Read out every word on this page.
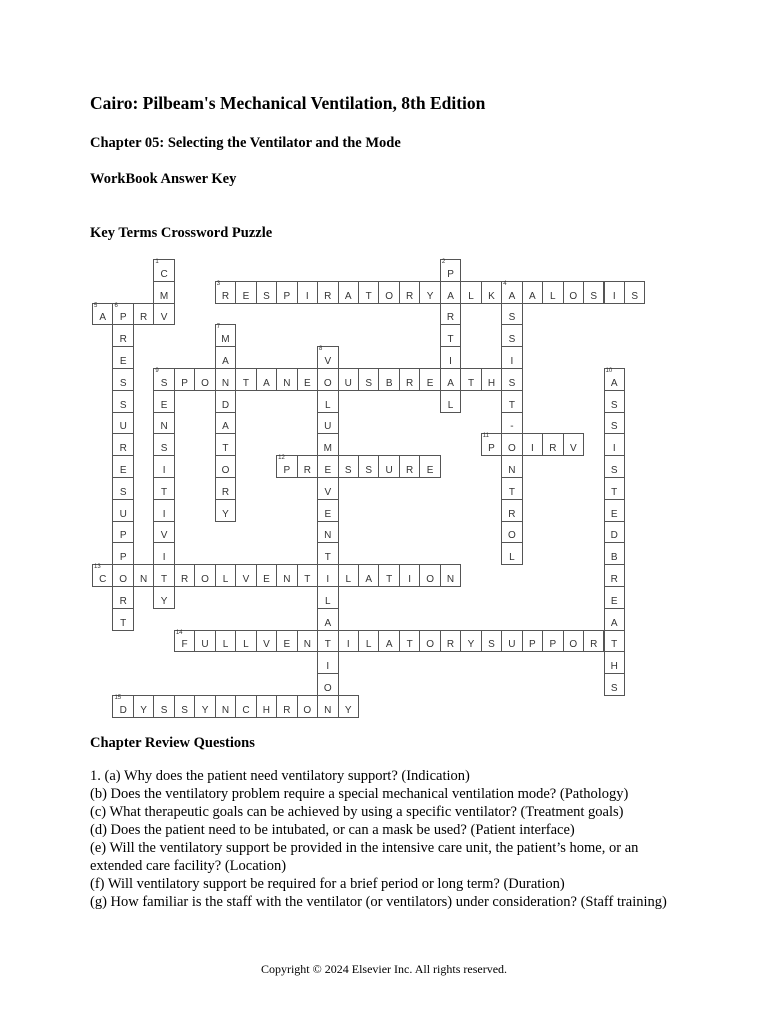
Cairo: Pilbeam's Mechanical Ventilation, 8th Edition
Chapter 05: Selecting the Ventilator and the Mode
WorkBook Answer Key
Key Terms Crossword Puzzle
1
C
M
V
2
P
A
R
T
I
A
L
3
R	E	S	P	I	R	A	T	O	R	Y	L	K
4
A
S
S
I
S
T
-
O
N
T
R
O
L
A	L	O	S	I	S
5
A
6
P	R
R
E
S
S
U
R
E
S
U
P
P
O
R
T
7
M
A
N
D
A
T
O
R
Y
8
V
O
L
U
M
E
V
E
N
T
I
L
A
T
I
O
N
9
S	P	O	T	A	N	E	U	S	B	R	E	T	H
E
N
S
I
T
I
V
I
T
Y
10
A
S
S
I
S
T
E
D
B
R
E
A
T
H
S
11
P	I	R	V
12
P	R	S	S	U	R	E
13
C	N	R	O	L	V	E	N	T	L	A	T	I	O	N
14
F	U	L	L	V	E	N	I	L	A	T	O	R	Y	S	U	P	P	O	R
15
D	Y	S	S	Y	N	C	H	R	O	Y
Chapter Review Questions
1. (a) Why does the patient need ventilatory support? (Indication)
(b) Does the ventilatory problem require a special mechanical ventilation mode? (Pathology)
(c) What therapeutic goals can be achieved by using a specific ventilator? (Treatment goals)
(d) Does the patient need to be intubated, or can a mask be used? (Patient interface)
(e) Will the ventilatory support be provided in the intensive care unit, the patient’s home, or an extended care facility? (Location)
(f) Will ventilatory support be required for a brief period or long term? (Duration)
(g) How familiar is the staff with the ventilator (or ventilators) under consideration? (Staff training)
Copyright © 2024 Elsevier Inc. All rights reserved.
